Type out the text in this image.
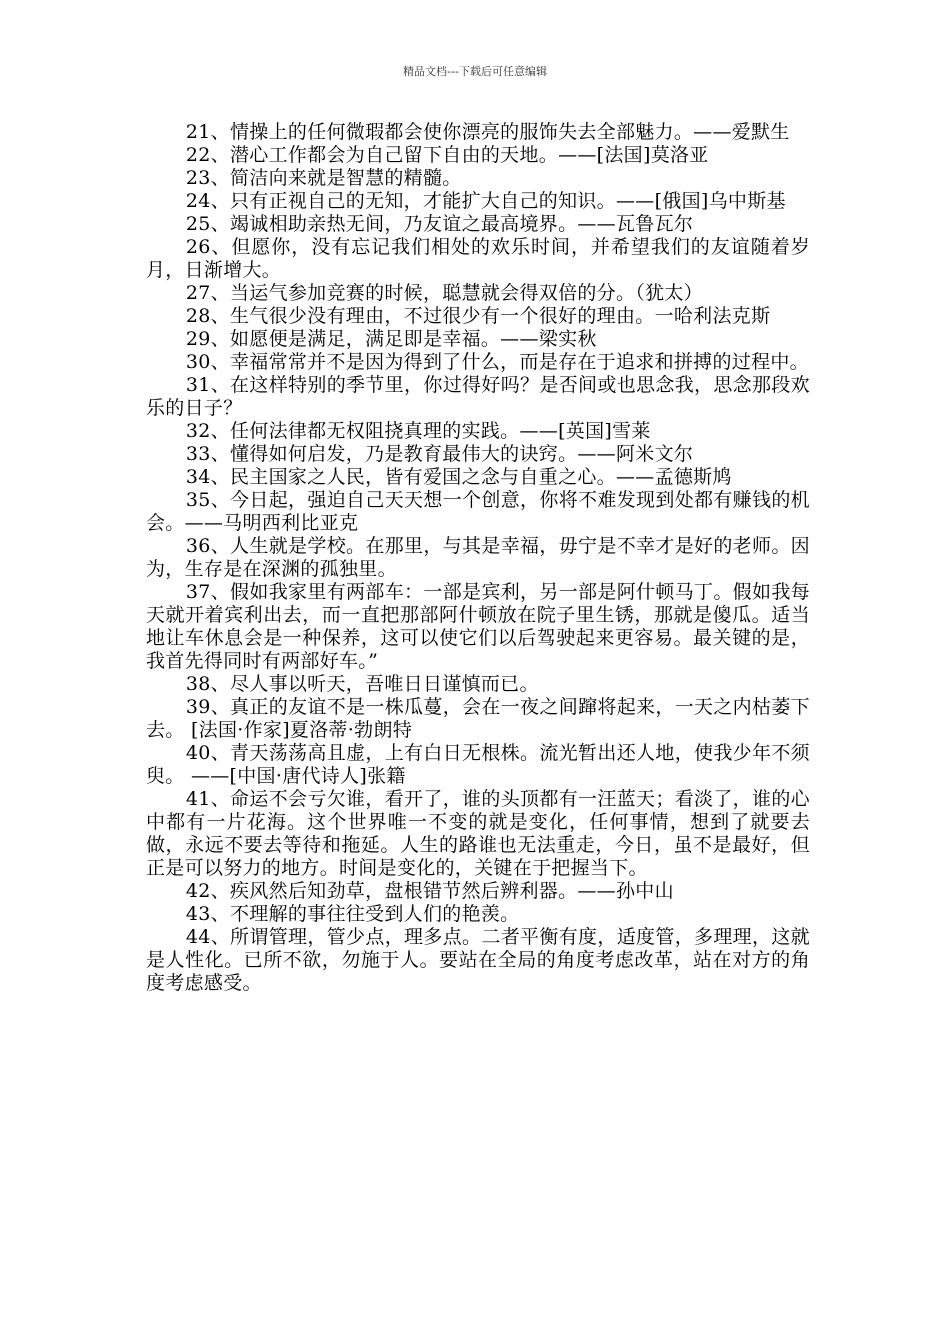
精品文档---下载后可任意编辑

21、情操上的任何微瑕都会使你漂亮的服饰失去全部魅力。——爱默生

22、潜心工作都会为自己留下自由的天地。——[法国]莫洛亚

23、简洁向来就是智慧的精髓。

24、只有正视自己的无知，才能扩大自己的知识。——[俄国]乌中斯基

25、竭诚相助亲热无间，乃友谊之最高境界。——瓦鲁瓦尔

26、但愿你，没有忘记我们相处的欢乐时间，并希望我们的友谊随着岁月，日渐增大。

27、当运气参加竞赛的时候，聪慧就会得双倍的分。（犹太）

28、生气很少没有理由，不过很少有一个很好的理由。一哈利法克斯

29、如愿便是满足，满足即是幸福。——梁实秋

30、幸福常常并不是因为得到了什么，而是存在于追求和拼搏的过程中。

31、在这样特别的季节里，你过得好吗？是否间或也思念我，思念那段欢乐的日子？

32、任何法律都无权阻挠真理的实践。——[英国]雪莱

33、懂得如何启发，乃是教育最伟大的诀窍。——阿米文尔

34、民主国家之人民，皆有爱国之念与自重之心。——孟德斯鸠

35、今日起，强迫自己天天想一个创意，你将不难发现到处都有赚钱的机会。——马明西利比亚克

36、人生就是学校。在那里，与其是幸福，毋宁是不幸才是好的老师。因为，生存是在深渊的孤独里。

37、假如我家里有两部车：一部是宾利，另一部是阿什顿马丁。假如我每天就开着宾利出去，而一直把那部阿什顿放在院子里生锈，那就是傻瓜。适当地让车休息会是一种保养，这可以使它们以后驾驶起来更容易。最关键的是，我首先得同时有两部好车。”

38、尽人事以听天，吾唯日日谨慎而已。

39、真正的友谊不是一株瓜蔓，会在一夜之间蹿将起来，一天之内枯萎下去。 [法国·作家]夏洛蒂·勃朗特

40、青天荡荡高且虚，上有白日无根株。流光暂出还人地，使我少年不须臾。 ——[中国·唐代诗人]张籍

41、命运不会亏欠谁，看开了，谁的头顶都有一汪蓝天；看淡了，谁的心中都有一片花海。这个世界唯一不变的就是变化，任何事情，想到了就要去做，永远不要去等待和拖延。人生的路谁也无法重走，今日，虽不是最好，但正是可以努力的地方。时间是变化的，关键在于把握当下。

42、疾风然后知劲草，盘根错节然后辨利器。——孙中山

43、不理解的事往往受到人们的艳羡。

44、所谓管理，管少点，理多点。二者平衡有度，适度管，多理理，这就是人性化。已所不欲，勿施于人。要站在全局的角度考虑改革，站在对方的角度考虑感受。
